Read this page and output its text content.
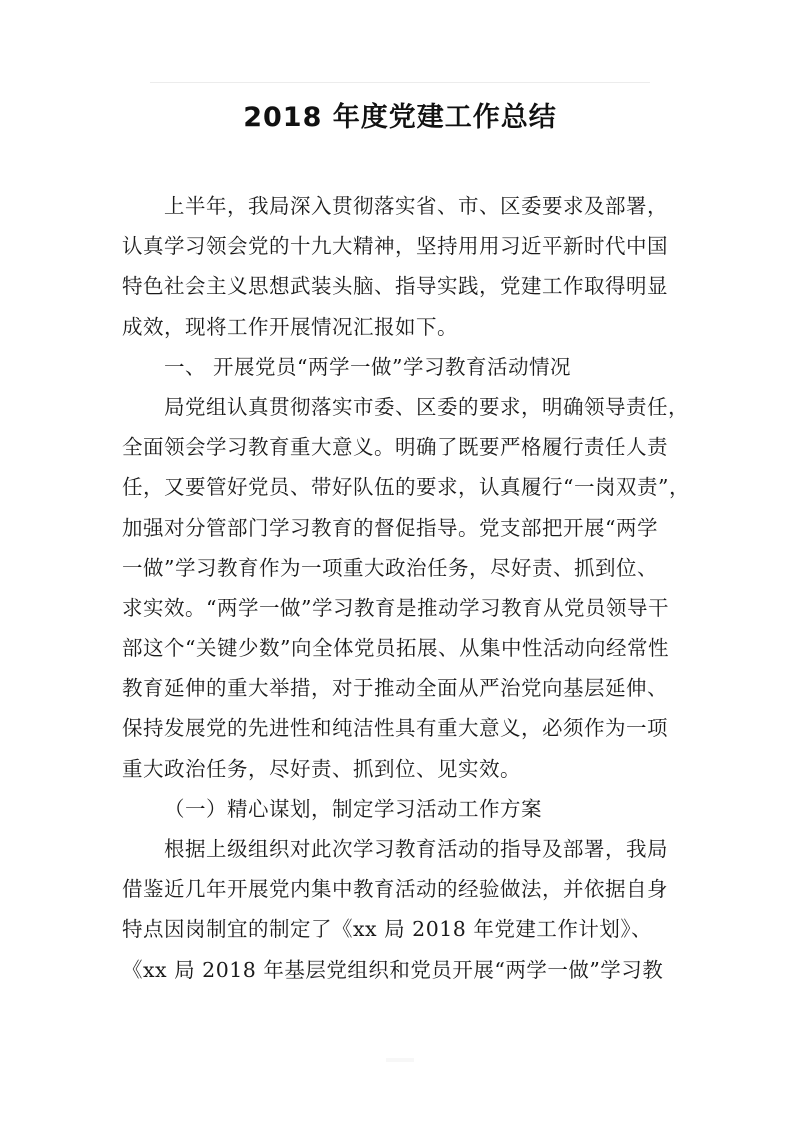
2018 年度党建工作总结
上半年，我局深入贯彻落实省、市、区委要求及部署，
认真学习领会党的十九大精神，坚持用用习近平新时代中国
特色社会主义思想武装头脑、指导实践，党建工作取得明显
成效，现将工作开展情况汇报如下。
一、 开展党员“两学一做”学习教育活动情况
局党组认真贯彻落实市委、区委的要求，明确领导责任，
全面领会学习教育重大意义。明确了既要严格履行责任人责
任，又要管好党员、带好队伍的要求，认真履行“一岗双责”，
加强对分管部门学习教育的督促指导。党支部把开展“两学
一做”学习教育作为一项重大政治任务，尽好责、抓到位、
求实效。“两学一做”学习教育是推动学习教育从党员领导干
部这个“关键少数”向全体党员拓展、从集中性活动向经常性
教育延伸的重大举措，对于推动全面从严治党向基层延伸、
保持发展党的先进性和纯洁性具有重大意义，必须作为一项
重大政治任务，尽好责、抓到位、见实效。
（一）精心谋划，制定学习活动工作方案
根据上级组织对此次学习教育活动的指导及部署，我局
借鉴近几年开展党内集中教育活动的经验做法，并依据自身
特点因岗制宜的制定了《xx 局 2018 年党建工作计划》、
《xx 局 2018 年基层党组织和党员开展“两学一做”学习教
